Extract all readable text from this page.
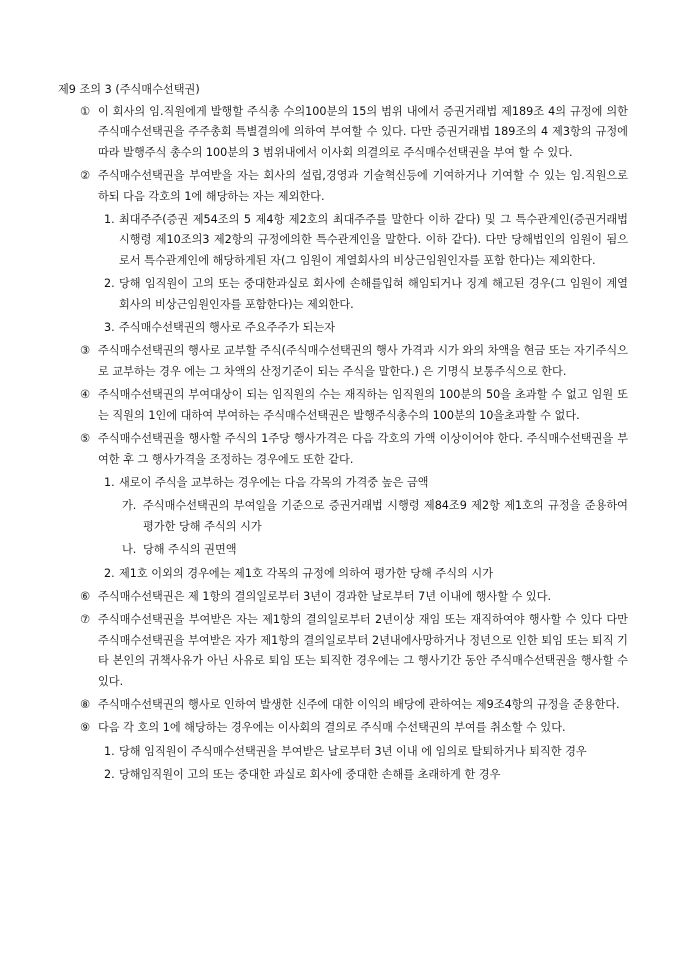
제9 조의 3 (주식매수선택권)
① 이 회사의 임.직원에게 발행할 주식총 수의100분의 15의 범위 내에서 증권거래법 제189조 4의 규정에 의한 주식매수선택권을 주주총회 특별결의에 의하여 부여할 수 있다. 다만 증권거래법 189조의 4 제3항의 규정에 따라 발행주식 총수의 100분의 3 범위내에서 이사회 의결의로 주식매수선택권을 부여 할 수 있다.
② 주식매수선택권을 부여받을 자는 회사의 설립,경영과 기술혁신등에 기여하거나 기여할 수 있는 임.직원으로 하되 다음 각호의 1에 해당하는 자는 제외한다.
1. 최대주주(증권 제54조의 5 제4항 제2호의 최대주주를 말한다 이하 같다) 및 그 특수관계인(증권거래법 시행령 제10조의3 제2항의 규정에의한 특수관계인을 말한다. 이하 같다). 다만 당해법인의 임원이 됨으로서 특수관계인에 해당하게된 자(그 임원이 계열회사의 비상근임원인자를 포함 한다)는 제외한다.
2. 당해 임직원이 고의 또는 중대한과실로 회사에 손해를입혀 해임되거나 징계 해고된 경우(그 임원이 계열회사의 비상근임원인자를 포함한다)는 제외한다.
3. 주식매수선택권의 행사로 주요주주가 되는자
③ 주식매수선택권의 행사로 교부할 주식(주식매수선택권의 행사 가격과 시가 와의 차액을 현금 또는 자기주식으로 교부하는 경우 에는 그 차액의 산정기준이 되는 주식을 말한다.) 은 기명식 보통주식으로 한다.
④ 주식매수선택권의 부여대상이 되는 임직원의 수는 재직하는 임직원의 100분의 50을 초과할 수 없고 임원 또는 직원의 1인에 대하여 부여하는 주식매수선택권은 발행주식총수의 100분의 10을초과할 수 없다.
⑤ 주식매수선택권을 행사할 주식의 1주당 행사가격은 다음 각호의 가액 이상이어야 한다. 주식매수선택권을 부여한 후 그 행사가격을 조정하는 경우에도 또한 같다.
1. 새로이 주식을 교부하는 경우에는 다음 각목의 가격중 높은 금액
가. 주식매수선택권의 부여일을 기준으로 증권거래법 시행령 제84조9 제2항 제1호의 규정을 준용하여 평가한 당해 주식의 시가
나. 당해 주식의 권면액
2. 제1호 이외의 경우에는 제1호 각목의 규정에 의하여 평가한 당해 주식의 시가
⑥ 주식매수선택권은 제 1항의 결의일로부터 3년이 경과한 날로부터 7년 이내에 행사할 수 있다.
⑦ 주식매수선택권을 부여받은 자는 제1항의 결의일로부터 2년이상 재임 또는 재직하여야 행사할 수 있다 다만 주식매수선택권을 부여받은 자가 제1항의 결의일로부터 2년내에사망하거나 정년으로 인한 퇴임 또는 퇴직 기타 본인의 귀책사유가 아닌 사유로 퇴임 또는 퇴직한 경우에는 그 행사기간 동안 주식매수선택권을 행사할 수 있다.
⑧ 주식매수선택권의 행사로 인하여 발생한 신주에 대한 이익의 배당에 관하여는 제9조4항의 규정을 준용한다.
⑨ 다음 각 호의 1에 해당하는 경우에는 이사회의 결의로 주식매 수선택권의 부여를 취소할 수 있다.
1. 당해 임직원이 주식매수선택권을 부여받은 날로부터 3년 이내 에 임의로 탈퇴하거나 퇴직한 경우
2. 당해임직원이 고의 또는 중대한 과실로 회사에 중대한 손해를 초래하게 한 경우
